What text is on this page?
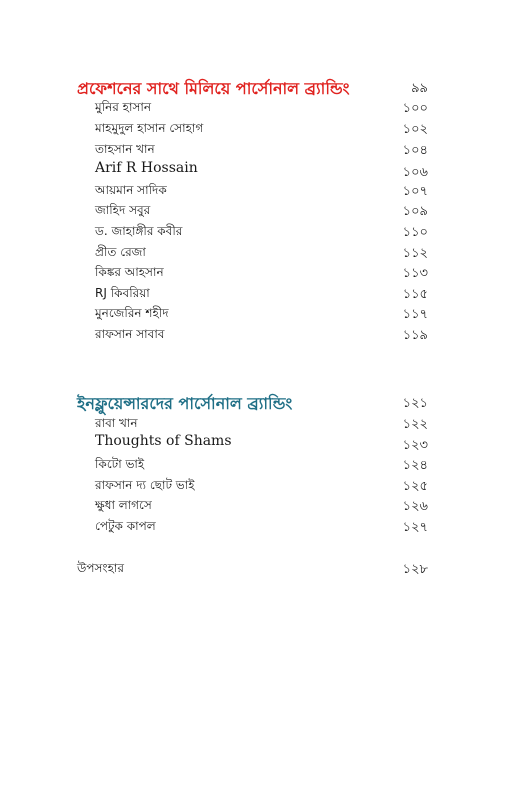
প্রফেশনের সাথে মিলিয়ে পার্সোনাল ব্র্যান্ডিং	৯৯
মুনির হাসান	১০০
মাহমুদুল হাসান সোহাগ	১০২
তাহসান খান	১০৪
Arif R Hossain	১০৬
আয়মান সাদিক	১০৭
জাহিদ সবুর	১০৯
ড. জাহাঙ্গীর কবীর	১১০
প্রীত রেজা	১১২
কিঙ্কর আহসান	১১৩
RJ কিবরিয়া	১১৫
মুনজেরিন শহীদ	১১৭
রাফসান সাবাব	১১৯
ইনফ্লুয়েন্সারদের পার্সোনাল ব্র্যান্ডিং	১২১
রাবা খান	১২২
Thoughts of Shams	১২৩
কিটো ভাই	১২৪
রাফসান দ্য ছোট ভাই	১২৫
ক্ষুধা লাগসে	১২৬
পেটুক কাপল	১২৭
উপসংহার	১২৮
